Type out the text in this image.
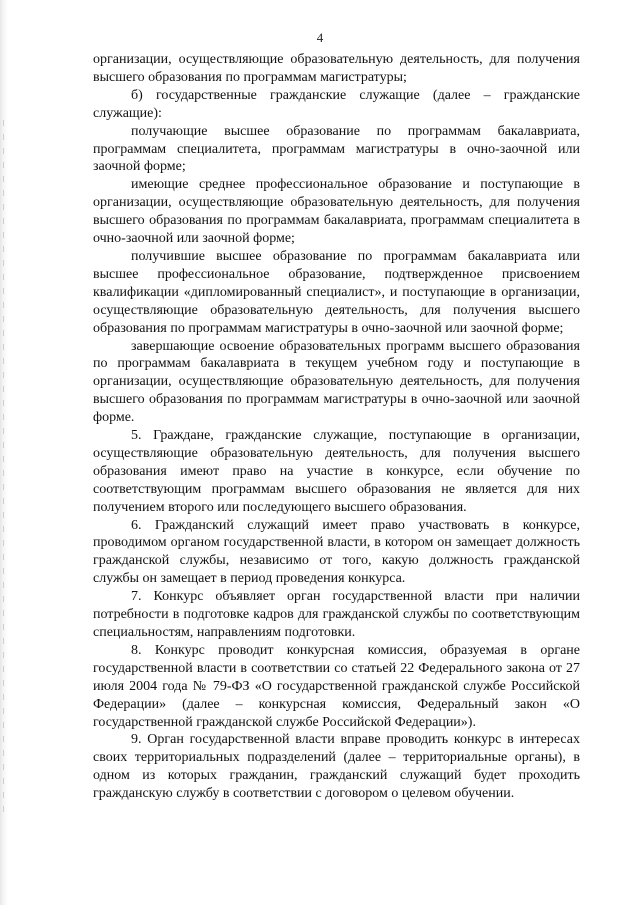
4

организации, осуществляющие образовательную деятельность, для получения высшего образования по программам магистратуры;

б) государственные гражданские служащие (далее – гражданские служащие):

получающие высшее образование по программам бакалавриата, программам специалитета, программам магистратуры в очно-заочной или заочной форме;

имеющие среднее профессиональное образование и поступающие в организации, осуществляющие образовательную деятельность, для получения высшего образования по программам бакалавриата, программам специалитета в очно-заочной или заочной форме;

получившие высшее образование по программам бакалавриата или высшее профессиональное образование, подтвержденное присвоением квалификации «дипломированный специалист», и поступающие в организации, осуществляющие образовательную деятельность, для получения высшего образования по программам магистратуры в очно-заочной или заочной форме;

завершающие освоение образовательных программ высшего образования по программам бакалавриата в текущем учебном году и поступающие в организации, осуществляющие образовательную деятельность, для получения высшего образования по программам магистратуры в очно-заочной или заочной форме.

5. Граждане, гражданские служащие, поступающие в организации, осуществляющие образовательную деятельность, для получения высшего образования имеют право на участие в конкурсе, если обучение по соответствующим программам высшего образования не является для них получением второго или последующего высшего образования.

6. Гражданский служащий имеет право участвовать в конкурсе, проводимом органом государственной власти, в котором он замещает должность гражданской службы, независимо от того, какую должность гражданской службы он замещает в период проведения конкурса.

7. Конкурс объявляет орган государственной власти при наличии потребности в подготовке кадров для гражданской службы по соответствующим специальностям, направлениям подготовки.

8. Конкурс проводит конкурсная комиссия, образуемая в органе государственной власти в соответствии со статьей 22 Федерального закона от 27 июля 2004 года № 79-ФЗ «О государственной гражданской службе Российской Федерации» (далее – конкурсная комиссия, Федеральный закон «О государственной гражданской службе Российской Федерации»).

9. Орган государственной власти вправе проводить конкурс в интересах своих территориальных подразделений (далее – территориальные органы), в одном из которых гражданин, гражданский служащий будет проходить гражданскую службу в соответствии с договором о целевом обучении.
